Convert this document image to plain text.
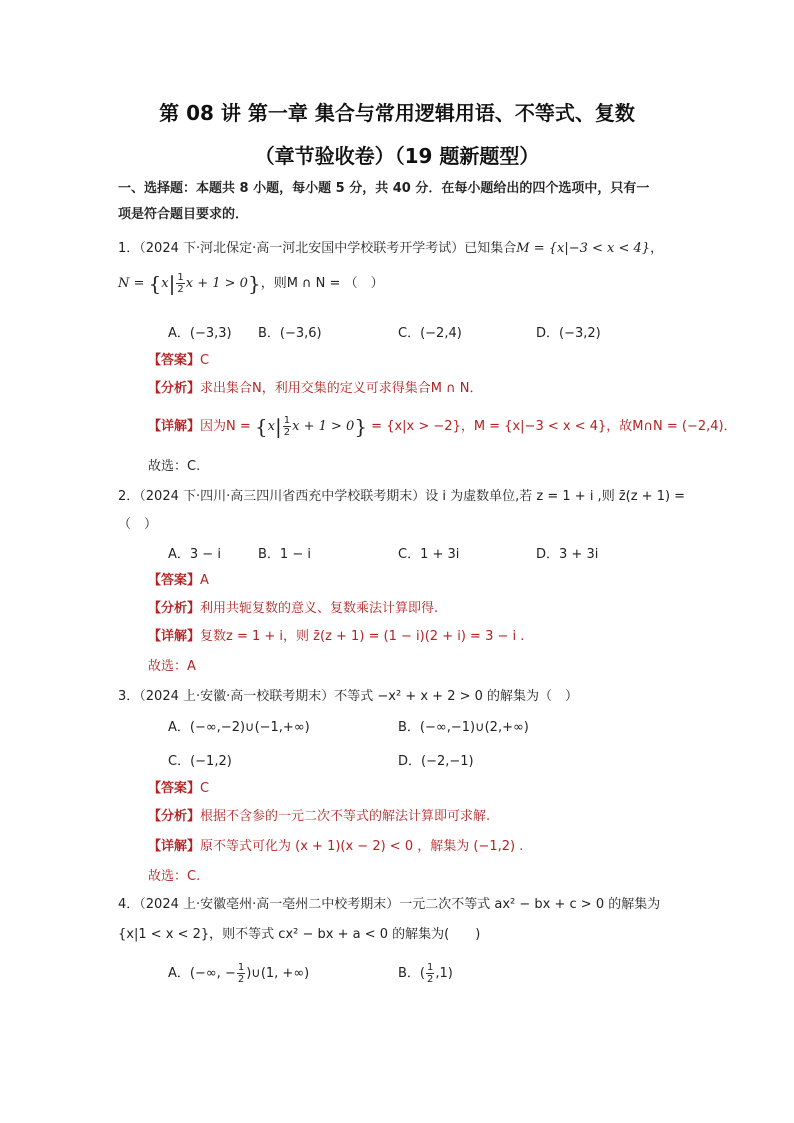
第 08 讲 第一章 集合与常用逻辑用语、不等式、复数
（章节验收卷）（19 题新题型）
一、选择题：本题共 8 小题，每小题 5 分，共 40 分．在每小题给出的四个选项中，只有一
项是符合题目要求的．
1．（2024 下·河北保定·高一河北安国中学校联考开学考试）已知集合M = {x|−3 < x < 4}，
$N = \{x| \frac{1}{2}$ x + 1 > 0}，则M ∩ N = （　）
A．(−3,3) B．(−3,6)	C．(−2,4)	D．(−3,2)
【答案】C
【分析】求出集合N，利用交集的定义可求得集合M ∩ N．
【详解】因为$N = \{x| \frac{1}{2}$ x + 1 > 0} = {x|x > −2}，M = {x|−3 < x < 4}，故M∩N = (−2,4)．
故选：C.
2．（2024 下·四川·高三四川省西充中学校联考期末）设 i 为虚数单位,若 z = 1 + i ,则 z̄(z + 1) =
（　）
A．3 − i	B．1 − i	C．1 + 3i	D．3 + 3i
【答案】A
【分析】利用共轭复数的意义、复数乘法计算即得.
【详解】复数z = 1 + i，则 z̄(z + 1) = (1 − i)(2 + i) = 3 − i .
故选：A
3．（2024 上·安徽·高一校联考期末）不等式 −x² + x + 2 > 0 的解集为（　）
A．(−∞,−2)∪(−1,+∞)	B．(−∞,−1)∪(2,+∞)
C．(−1,2)	D．(−2,−1)
【答案】C
【分析】根据不含参的一元二次不等式的解法计算即可求解.
【详解】原不等式可化为 (x + 1)(x − 2) < 0 ，解集为 (−1,2) .
故选：C.
4．（2024 上·安徽亳州·高一亳州二中校考期末）一元二次不等式 ax² − bx + c > 0 的解集为
{x|1 < x < 2}，则不等式 cx² − bx + a < 0 的解集为(　　)
A．(−∞, − $\frac{1}{2}$ )∪(1, +∞)	B．( $\frac{1}{2} ,1$)
